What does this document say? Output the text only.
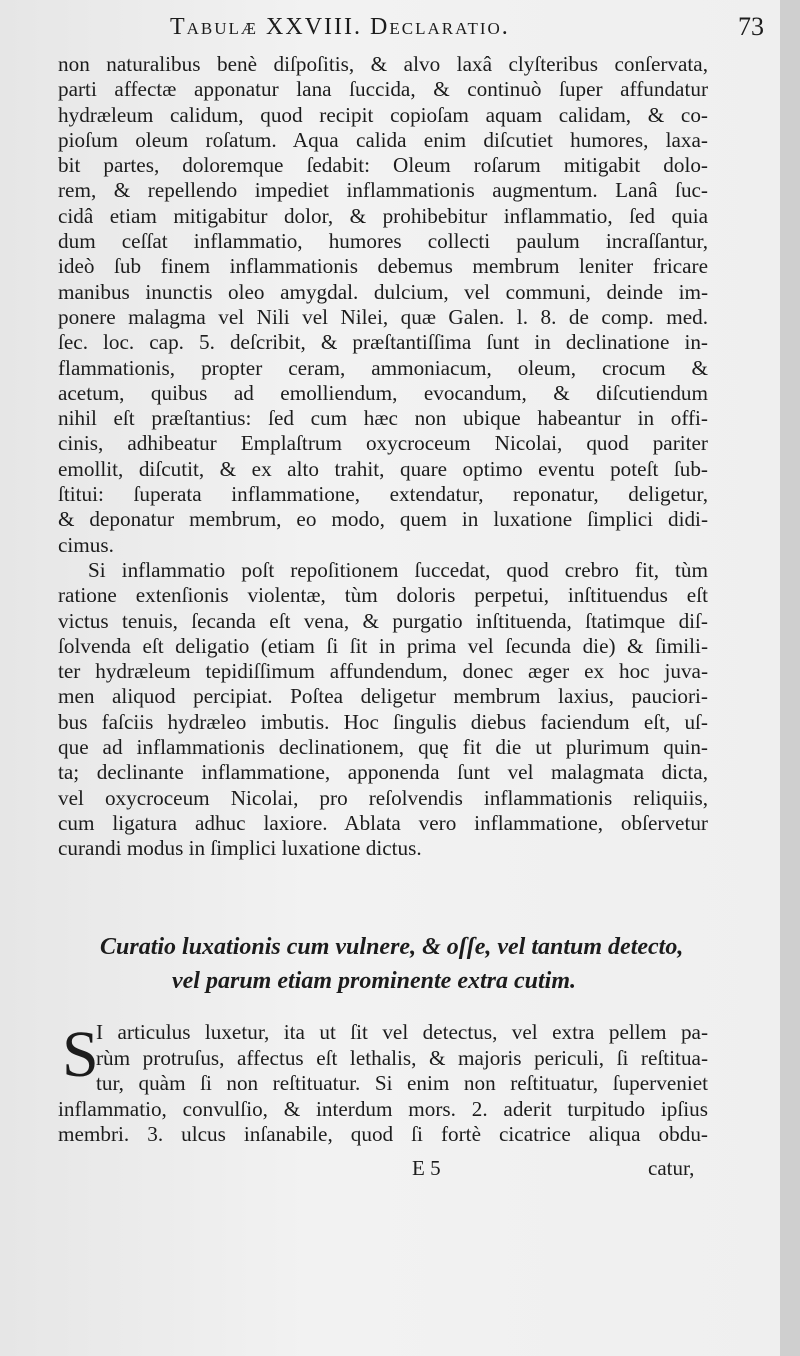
Tabulæ XXVIII. Declaratio.	73
non naturalibus benè diſpoſitis, & alvo laxâ clyſteribus conſervata,
parti affectæ apponatur lana ſuccida, & continuò ſuper affundatur
hydræleum calidum, quod recipit copioſam aquam calidam, & co-
pioſum oleum roſatum. Aqua calida enim diſcutiet humores, laxa-
bit partes, doloremque ſedabit: Oleum roſarum mitigabit dolo-
rem, & repellendo impediet inflammationis augmentum. Lanâ ſuc-
cidâ etiam mitigabitur dolor, & prohibebitur inflammatio, ſed quia
dum ceſſat inflammatio, humores collecti paulum incraſſantur,
ideò ſub finem inflammationis debemus membrum leniter fricare
manibus inunctis oleo amygdal. dulcium, vel communi, deinde im-
ponere malagma vel Nili vel Nilei, quæ Galen. l. 8. de comp. med.
ſec. loc. cap. 5. deſcribit, & præſtantiſſima ſunt in declinatione in-
flammationis, propter ceram, ammoniacum, oleum, crocum &
acetum, quibus ad emolliendum, evocandum, & diſcutiendum
nihil eſt præſtantius: ſed cum hæc non ubique habeantur in offi-
cinis, adhibeatur Emplaſtrum oxycroceum Nicolai, quod pariter
emollit, diſcutit, & ex alto trahit, quare optimo eventu poteſt ſub-
ſtitui: ſuperata inflammatione, extendatur, reponatur, deligetur,
& deponatur membrum, eo modo, quem in luxatione ſimplici didi-
cimus.
Si inflammatio poſt repoſitionem ſuccedat, quod crebro fit, tùm
ratione extenſionis violentæ, tùm doloris perpetui, inſtituendus eſt
victus tenuis, ſecanda eſt vena, & purgatio inſtituenda, ſtatimque diſ-
ſolvenda eſt deligatio (etiam ſi ſit in prima vel ſecunda die) & ſimili-
ter hydræleum tepidiſſimum affundendum, donec æger ex hoc juva-
men aliquod percipiat. Poſtea deligetur membrum laxius, pauciori-
bus faſciis hydræleo imbutis. Hoc ſingulis diebus faciendum eſt, uſ-
que ad inflammationis declinationem, quę fit die ut plurimum quin-
ta; declinante inflammatione, apponenda ſunt vel malagmata dicta,
vel oxycroceum Nicolai, pro reſolvendis inflammationis reliquiis,
cum ligatura adhuc laxiore. Ablata vero inflammatione, obſervetur
curandi modus in ſimplici luxatione dictus.
Curatio luxationis cum vulnere, & oſſe, vel tantum detecto,
vel parum etiam prominente extra cutim.
S
I articulus luxetur, ita ut ſit vel detectus, vel extra pellem pa-
rùm protruſus, affectus eſt lethalis, & majoris periculi, ſi reſtitua-
tur, quàm ſi non reſtituatur. Si enim non reſtituatur, ſuperveniet
inflammatio, convulſio, & interdum mors. 2. aderit turpitudo ipſius
membri. 3. ulcus inſanabile, quod ſi fortè cicatrice aliqua obdu-
E 5	catur,
